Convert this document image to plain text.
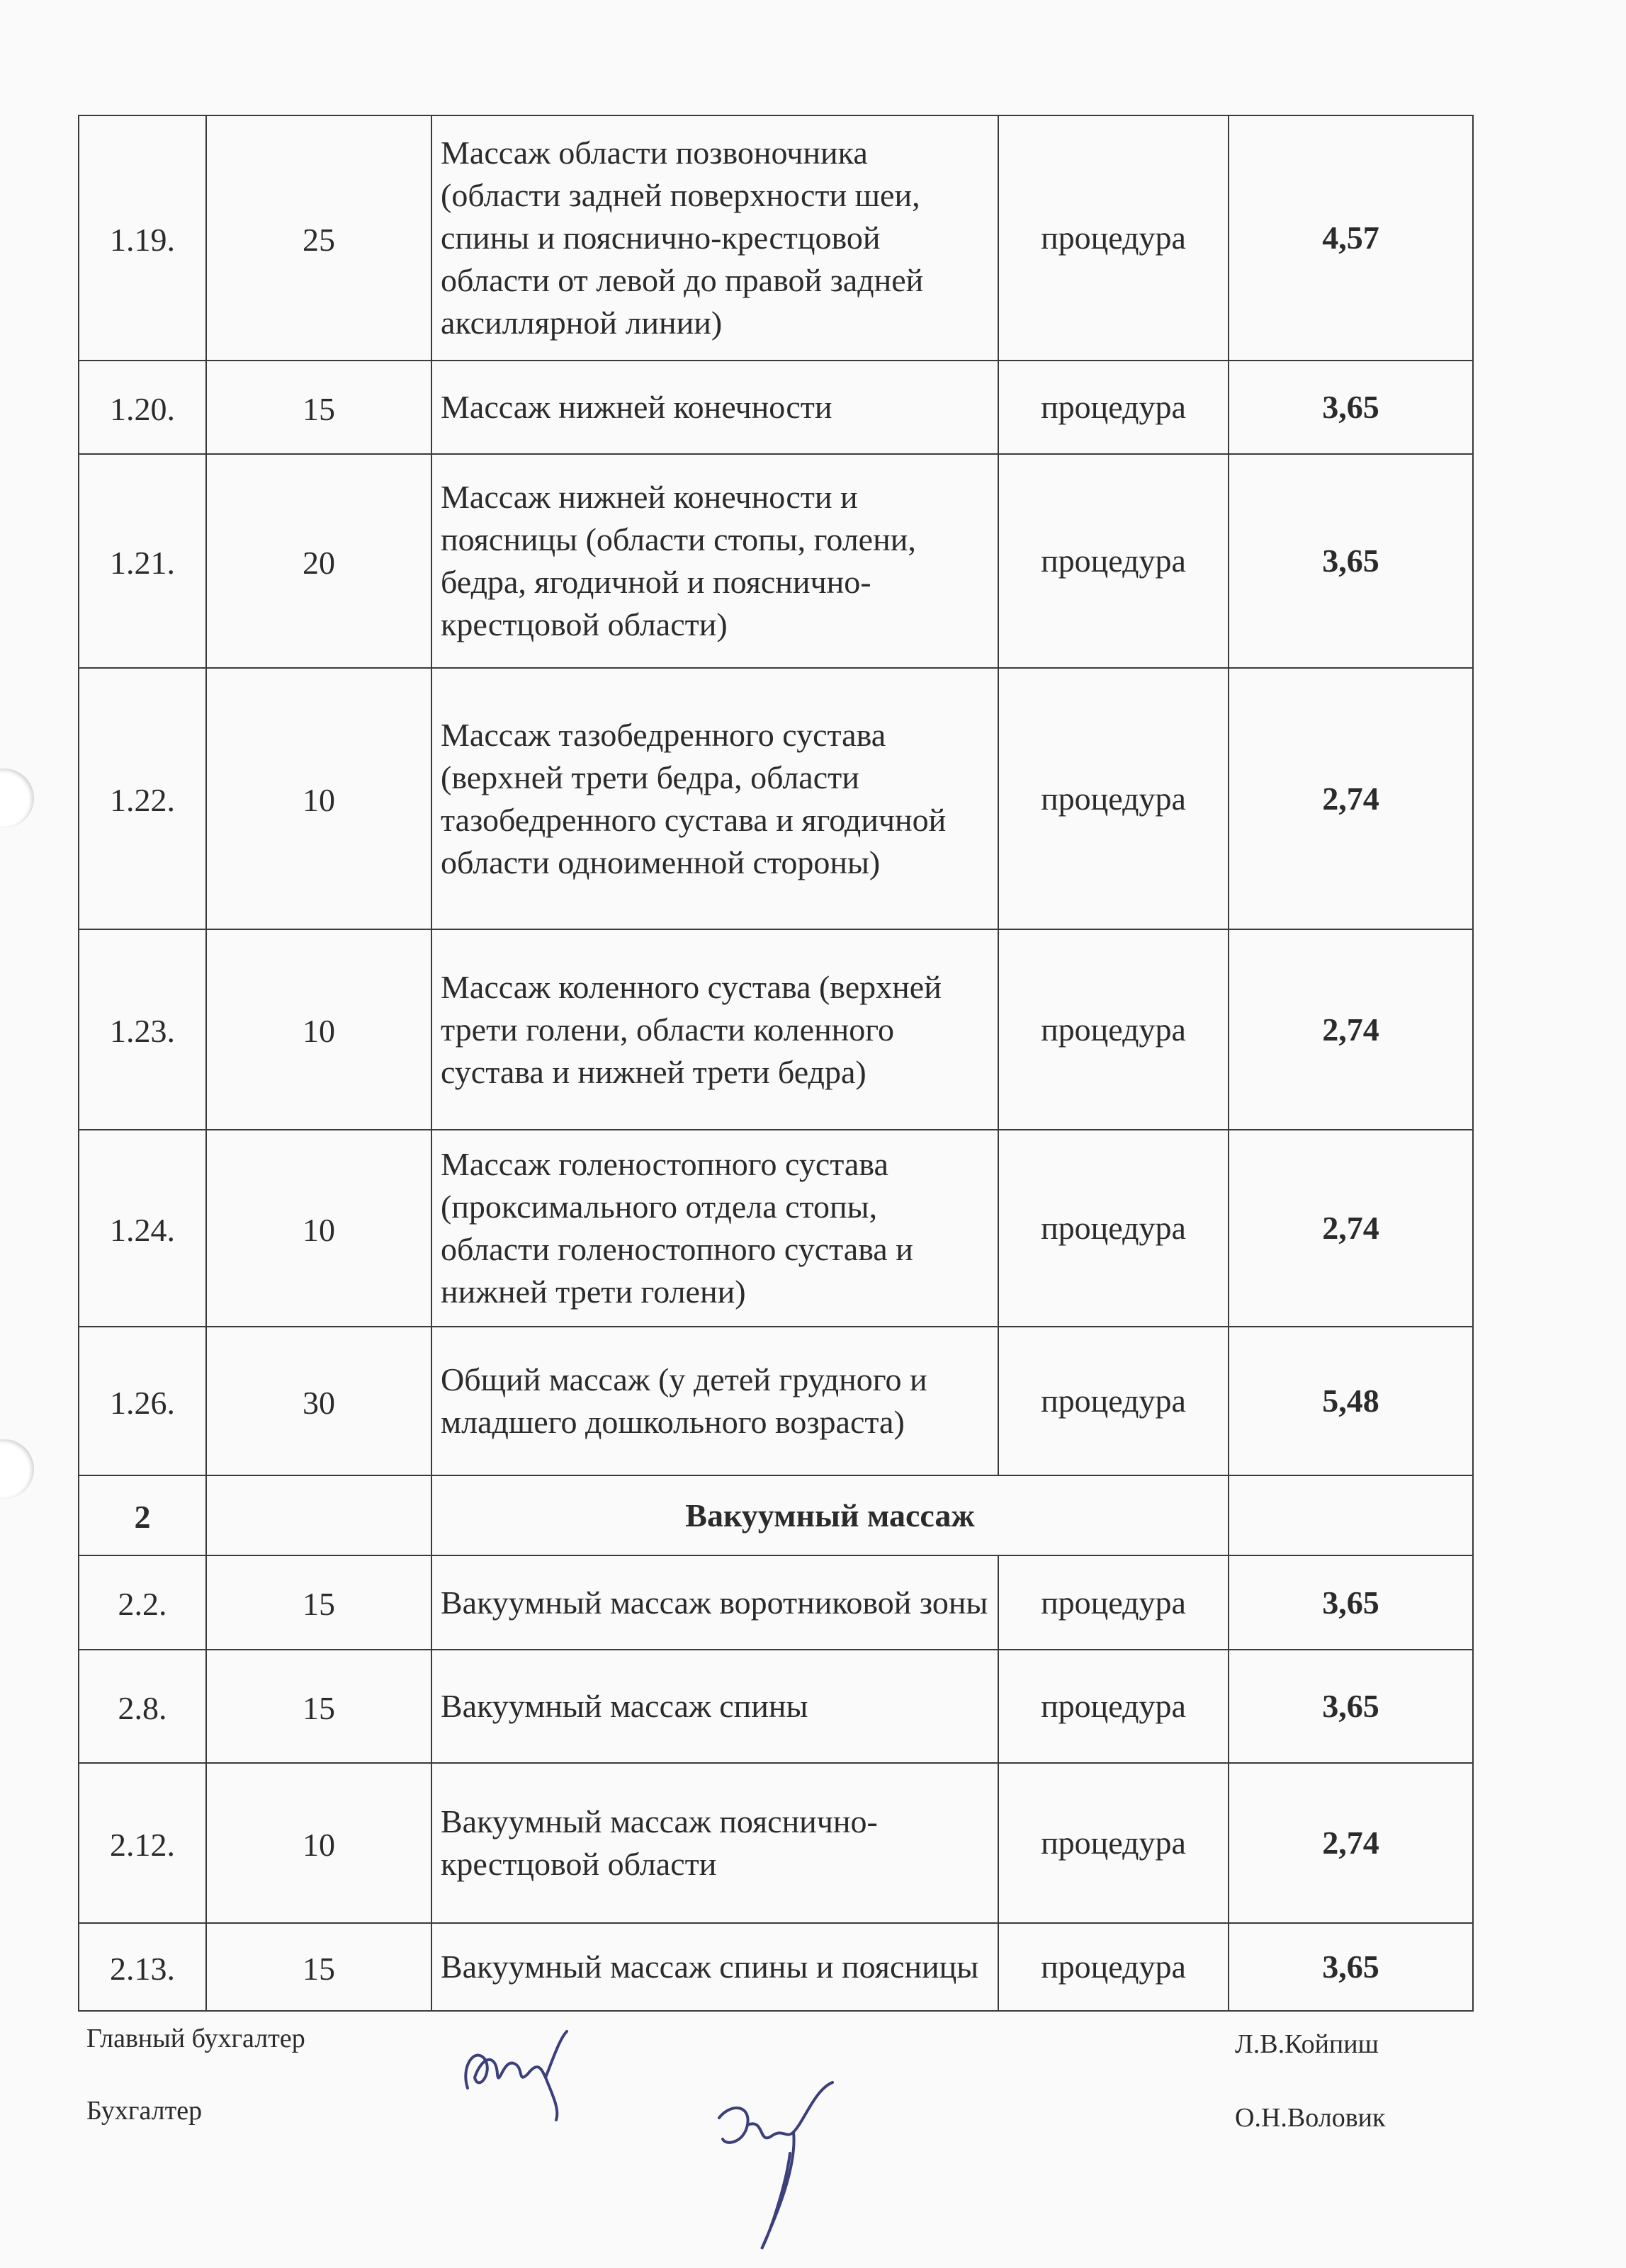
1.19.	25	Массаж области позвоночника (области задней поверхности шеи, спины и пояснично-крестцовой области от левой до правой задней аксиллярной линии)	процедура	4,57
1.20.	15	Массаж нижней конечности	процедура	3,65
1.21.	20	Массаж нижней конечности и поясницы (области стопы, голени, бедра, ягодичной и пояснично-крестцовой области)	процедура	3,65
1.22.	10	Массаж тазобедренного сустава (верхней трети бедра, области тазобедренного сустава и ягодичной области одноименной стороны)	процедура	2,74
1.23.	10	Массаж коленного сустава (верхней трети голени, области коленного сустава и нижней трети бедра)	процедура	2,74
1.24.	10	Массаж голеностопного сустава (проксимального отдела стопы, области голеностопного сустава и нижней трети голени)	процедура	2,74
1.26.	30	Общий массаж (у детей грудного и младшего дошкольного возраста)	процедура	5,48
2		Вакуумный массаж		
2.2.	15	Вакуумный массаж воротниковой зоны	процедура	3,65
2.8.	15	Вакуумный массаж спины	процедура	3,65
2.12.	10	Вакуумный массаж пояснично-крестцовой области	процедура	2,74
2.13.	15	Вакуумный массаж спины и поясницы	процедура	3,65
Главный бухгалтер	Л.В.Койпиш
Бухгалтер	О.Н.Воловик
